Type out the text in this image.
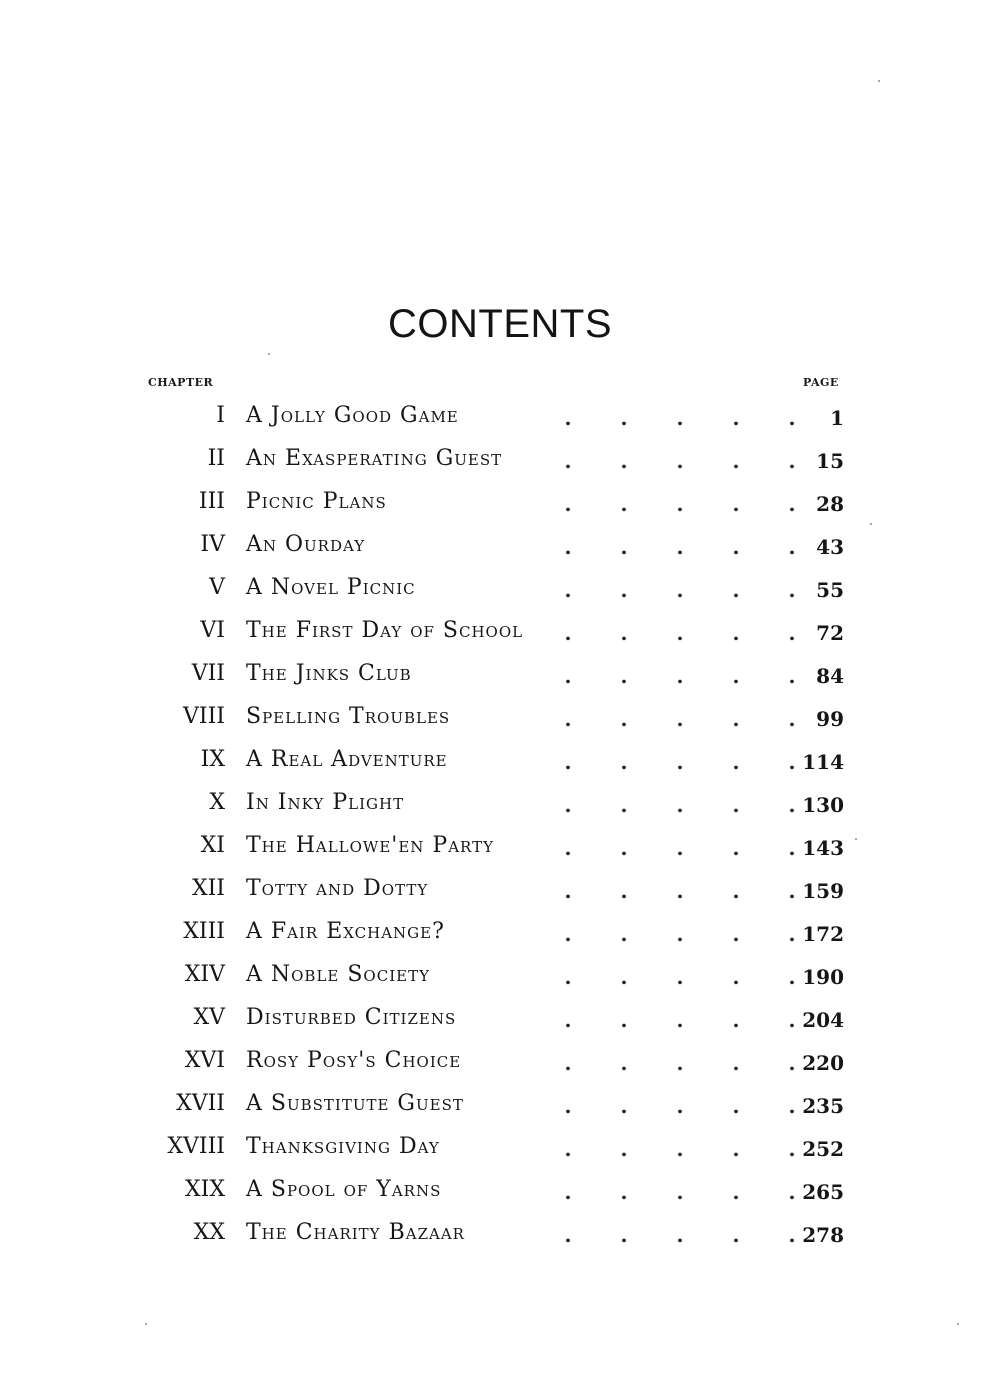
CONTENTS
CHAPTER	PAGE
I A Jolly Good Game	. . . . .	1
II An Exasperating Guest	. . . . .	15
III Picnic Plans	. . . . .	28
IV An Ourday	. . . . .	43
V A Novel Picnic	. . . . .	55
VI The First Day of School	. . . . .	72
VII The Jinks Club	. . . . .	84
VIII Spelling Troubles	. . . . .	99
IX A Real Adventure	. . . . . 114
X In Inky Plight	. . . . . 130
XI The Hallowe'en Party	. . . . . 143
XII Totty and Dotty	. . . . . 159
XIII A Fair Exchange?	. . . . . 172
XIV A Noble Society	. . . . . 190
XV Disturbed Citizens	. . . . . 204
XVI Rosy Posy's Choice	. . . . . 220
XVII A Substitute Guest	. . . . . 235
XVIII Thanksgiving Day	. . . . . 252
XIX A Spool of Yarns	. . . . . 265
XX The Charity Bazaar	. . . . . 278
